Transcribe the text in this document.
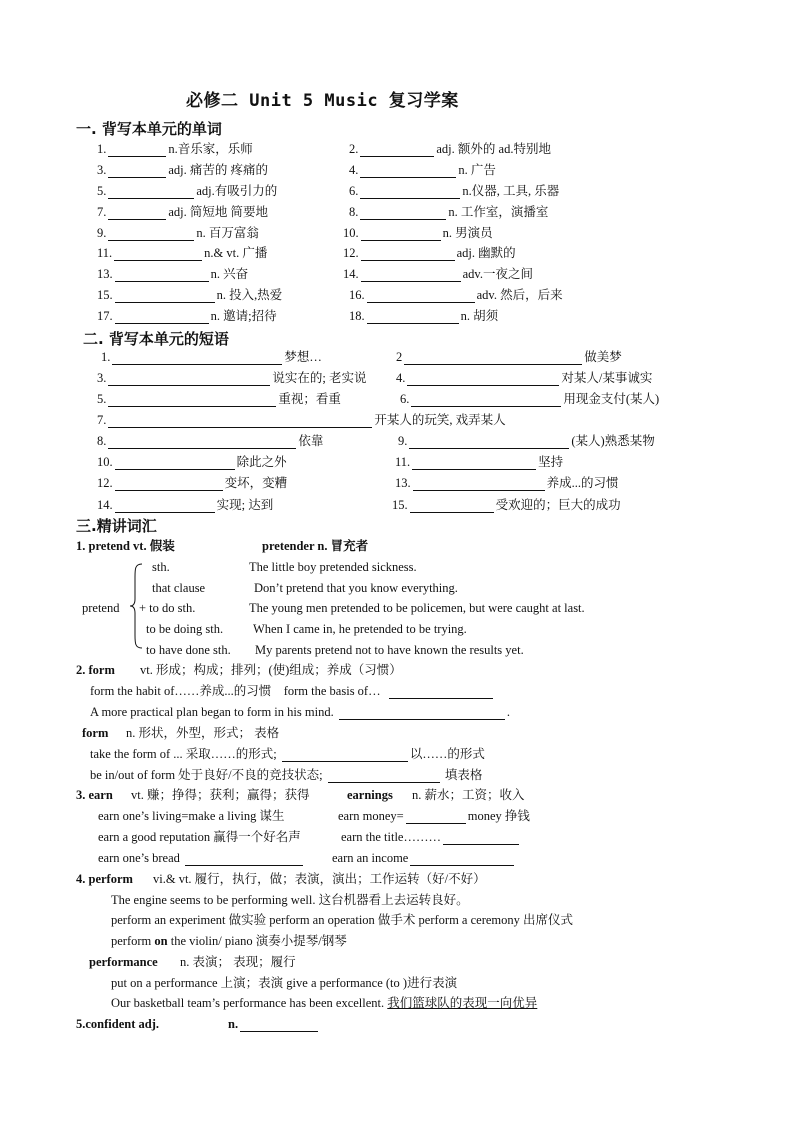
必修二 Unit 5 Music 复习学案
一. 背写本单元的单词
1.	n.音乐家，乐师	2.	adj. 额外的 ad.特别地
3.	adj. 痛苦的 疼痛的	4.	n. 广告
5.	adj.有吸引力的	6.	n.仪器, 工具, 乐器
7.	adj. 简短地 简要地	8.	n. 工作室，演播室
9.	n. 百万富翁	10.	n. 男演员
11.	n.& vt. 广播	12.	adj. 幽默的
13.	n. 兴奋	14.	adv.一夜之间
15.	n. 投入,热爱	16.	adv. 然后，后来
17.	n. 邀请;招待	18.	n. 胡须
二. 背写本单元的短语
1.	梦想…	2	做美梦
3.	说实在的; 老实说 4.	对某人/某事诚实
5.	重视；看重	6.	用现金支付(某人)
7.	开某人的玩笑, 戏弄某人
8.	依靠	9.	(某人)熟悉某物
10.	除此之外	11.	坚持
12.	变坏，变糟	13.	养成...的习惯
14.	实现; 达到	15.	受欢迎的；巨大的成功
三.精讲词汇
1. pretend vt. 假装	pretender n. 冒充者
pretend
sth.	The little boy pretended sickness.
that clause	Don’t pretend that you know everything.
+ to do sth.	The young men pretended to be policemen, but were caught at last.
to be doing sth. When I came in, he pretended to be trying.
to have done sth. My parents pretend not to have known the results yet.
2. form vt. 形成；构成；排列；(使)组成；养成（习惯）
form the habit of……养成...的习惯 form the basis of…
A more practical plan began to form in his mind.	.
form n. 形状，外型，形式； 表格
take the form of ... 采取……的形式;	以……的形式
be in/out of form 处于良好/不良的竞技状态;	填表格
3. earn vt. 赚；挣得；获利；赢得；获得	earnings n. 薪水；工资；收入
earn one’s living=make a living 谋生	earn money=	money 挣钱
earn a good reputation 赢得一个好名声	earn the title………
earn one’s bread	earn an income
4. perform vi.& vt. 履行，执行，做；表演，演出；工作运转（好/不好）
The engine seems to be performing well. 这台机器看上去运转良好。
perform an experiment 做实验 perform an operation 做手术 perform a ceremony 出席仪式
perform on the violin/ piano 演奏小提琴/钢琴
performance n. 表演； 表现；履行
put on a performance 上演；表演 give a performance (to )进行表演
Our basketball team’s performance has been excellent. 我们篮球队的表现一向优异
5.confident adj.	n.
